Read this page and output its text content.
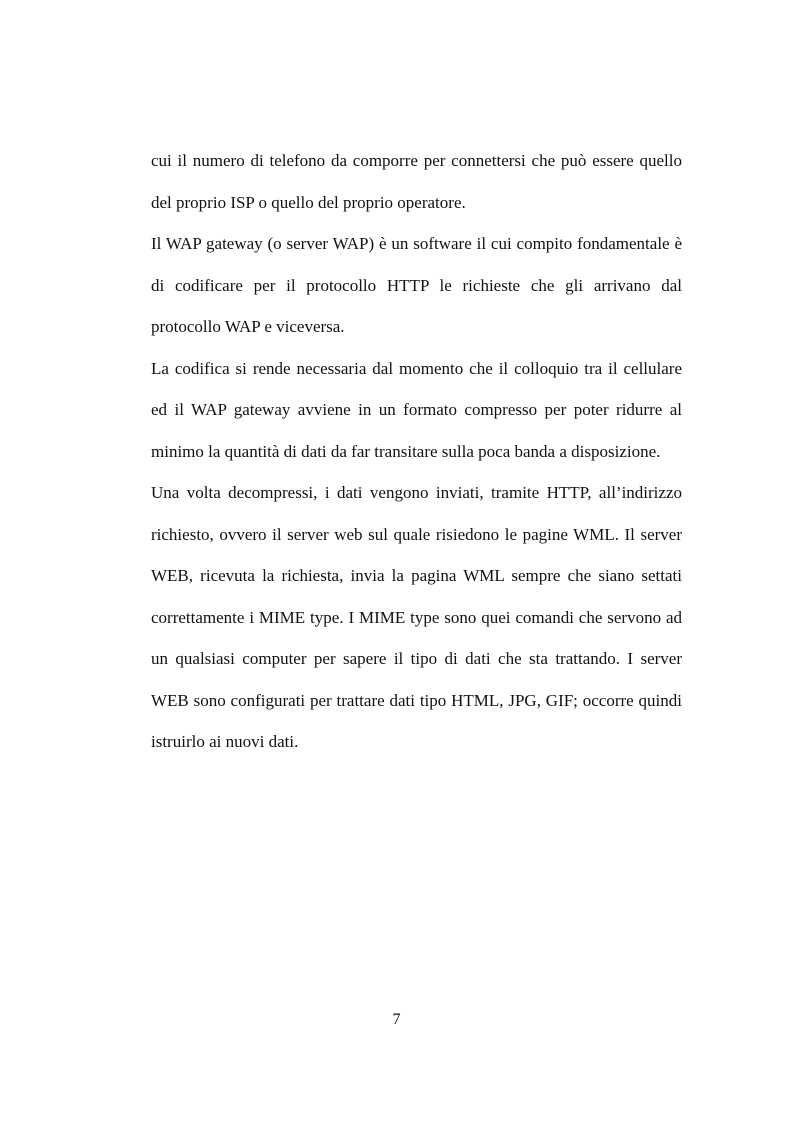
cui il numero di telefono da comporre per connettersi che può essere quello del proprio ISP o quello del proprio operatore.

Il WAP gateway (o server WAP) è un software il cui compito fondamentale è di codificare per il protocollo HTTP le richieste che gli arrivano dal protocollo WAP e viceversa.

La codifica si rende necessaria dal momento che il colloquio tra il cellulare ed il WAP gateway avviene in un formato compresso per poter ridurre al minimo la quantità di dati da far transitare sulla poca banda a disposizione.

Una volta decompressi, i dati vengono inviati, tramite HTTP, all’indirizzo richiesto, ovvero il server web sul quale risiedono le pagine WML. Il server WEB, ricevuta la richiesta, invia la pagina WML sempre che siano settati correttamente i MIME type. I MIME type sono quei comandi che servono ad un qualsiasi computer per sapere il tipo di dati che sta trattando. I server WEB sono configurati per trattare dati tipo HTML, JPG, GIF; occorre quindi istruirlo ai nuovi dati.

7
